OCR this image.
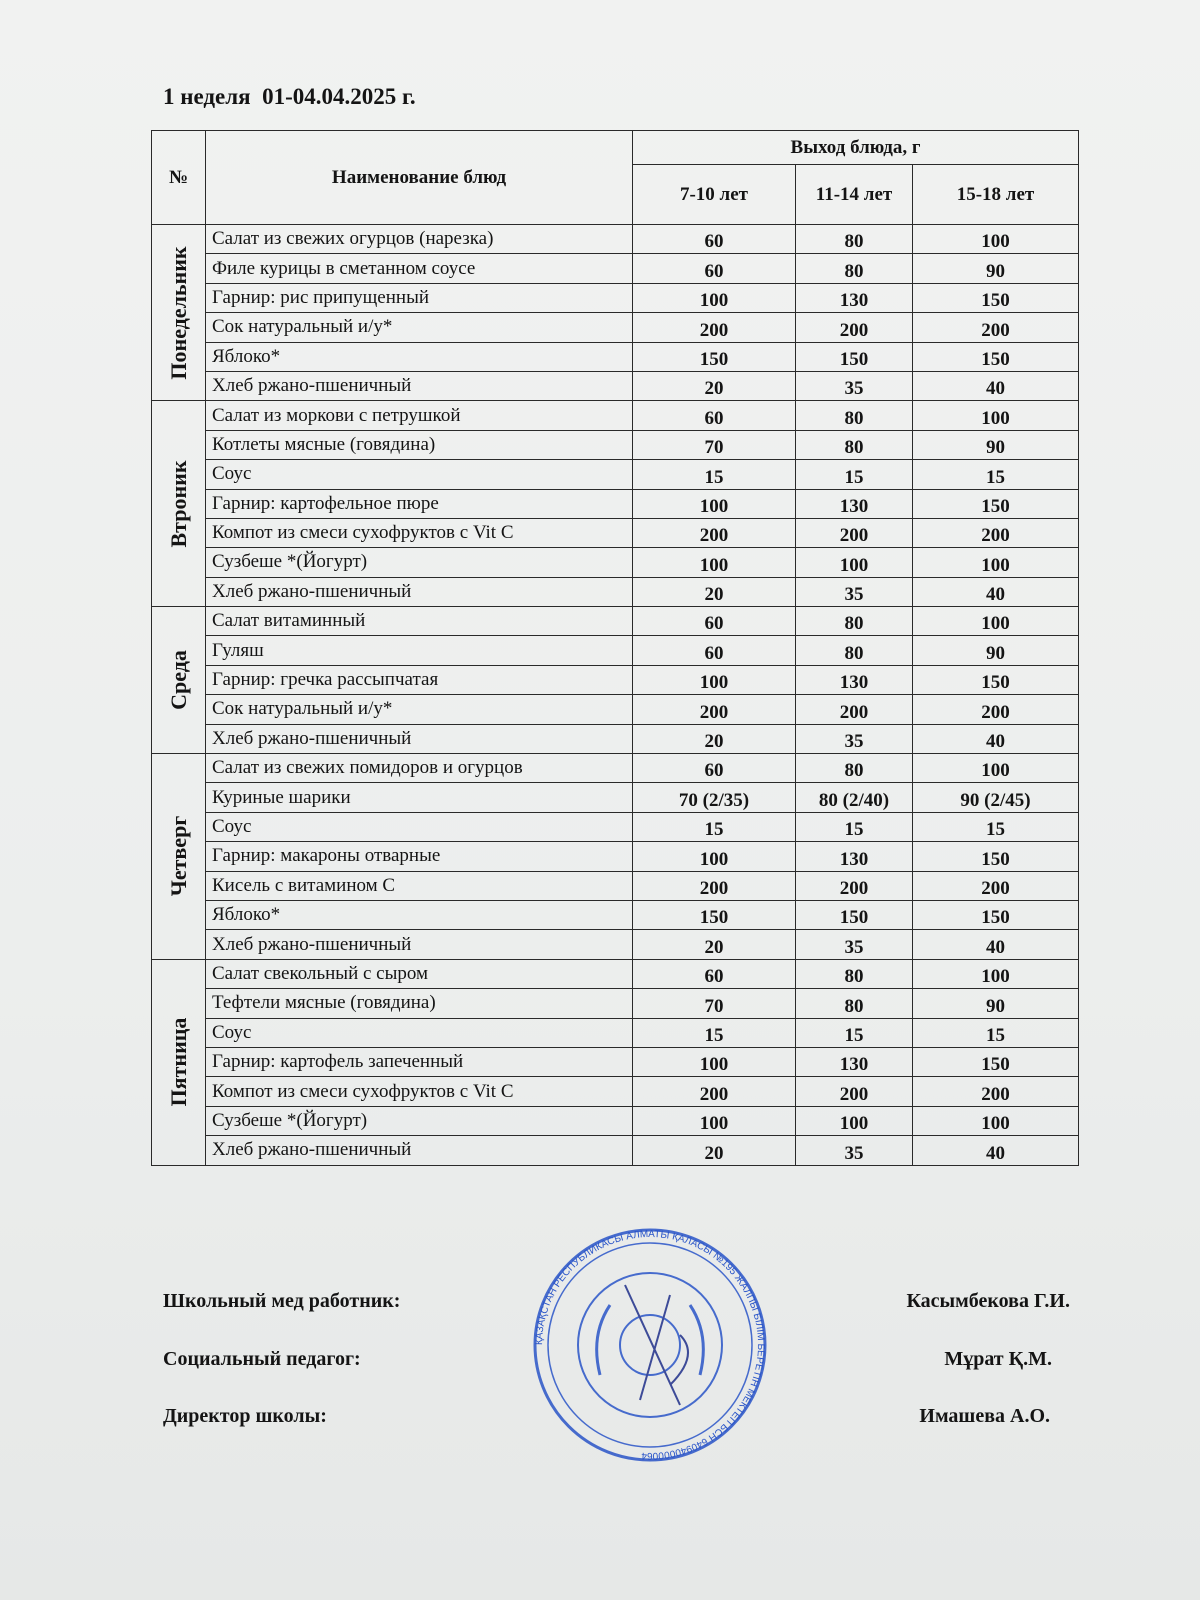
1 неделя  01-04.04.2025 г.
№	Наименование блюд	Выход блюда, г		
		7-10 лет	11-14 лет	15-18 лет

Понедельник	Салат из свежих огурцов (нарезка)	60	80	100
	Филе курицы в сметанном соусе	60	80	90
	Гарнир: рис припущенный	100	130	150
	Сок натуральный и/у*	200	200	200
	Яблоко*	150	150	150
	Хлеб ржано-пшеничный	20	35	40

Втроник	Салат из моркови с петрушкой	60	80	100
	Котлеты мясные (говядина)	70	80	90
	Соус	15	15	15
	Гарнир: картофельное пюре	100	130	150
	Компот из смеси сухофруктов с Vit C	200	200	200
	Сузбеше *(Йогурт)	100	100	100
	Хлеб ржано-пшеничный	20	35	40

Среда	Салат витаминный	60	80	100
	Гуляш	60	80	90
	Гарнир: гречка рассыпчатая	100	130	150
	Сок натуральный и/у*	200	200	200
	Хлеб ржано-пшеничный	20	35	40

Четверг	Салат из свежих помидоров и огурцов	60	80	100
	Куриные шарики	70 (2/35)	80 (2/40)	90 (2/45)
	Соус	15	15	15
	Гарнир: макароны отварные	100	130	150
	Кисель с витамином С	200	200	200
	Яблоко*	150	150	150
	Хлеб ржано-пшеничный	20	35	40

Пятница	Салат свекольный с сыром	60	80	100
	Тефтели мясные (говядина)	70	80	90
	Соус	15	15	15
	Гарнир: картофель запеченный	100	130	150
	Компот из смеси сухофруктов с Vit C	200	200	200
	Сузбеше *(Йогурт)	100	100	100
	Хлеб ржано-пшеничный	20	35	40
Школьный мед работник:	Касымбекова Г.И.
Социальный педагог:	Мұрат Қ.М.
Директор школы:	Имашева А.О.
ҚАЗАҚСТАН РЕСПУБЛИКАСЫ АЛМАТЫ ҚАЛАСЫ №195 ЖАЛПЫ БІЛІМ БЕРЕТІН МЕКТЕП БСН 640940000064
